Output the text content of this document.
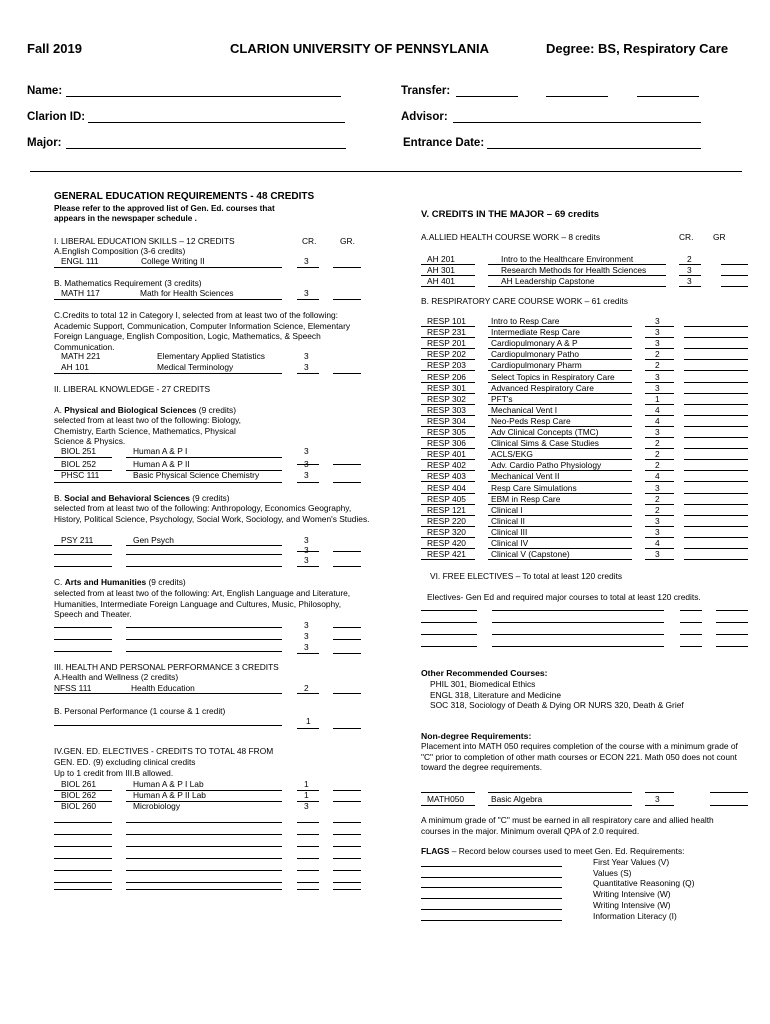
Fall 2019	CLARION UNIVERSITY OF PENNSYLANIA	Degree: BS, Respiratory Care
Name:
Clarion ID:
Major:
Transfer:
Advisor:
Entrance Date:
GENERAL EDUCATION REQUIREMENTS - 48 CREDITS
Please refer to the approved list of Gen. Ed. courses that
appears in the newspaper schedule .
I. LIBERAL EDUCATION SKILLS – 12 CREDITS	CR.	GR.
A.English Composition (3-6 credits)
ENGL 111	College Writing II	3
B. Mathematics Requirement (3 credits)
MATH 117	Math for Health Sciences	3
C.Credits to total 12 in Category I, selected from at least two of the following: Academic Support, Communication, Computer Information Science, Elementary Foreign Language, English Composition, Logic, Mathematics, & Speech Communication.
MATH 221	Elementary Applied Statistics	3
AH 101	Medical Terminology	3
II. LIBERAL KNOWLEDGE - 27 CREDITS
A. Physical and Biological Sciences (9 credits)
selected from at least two of the following: Biology, Chemistry, Earth Science, Mathematics, Physical Science & Physics.
BIOL 251	Human A & P I	3
BIOL 252	Human A & P II	3
PHSC 111	Basic Physical Science Chemistry	3
B. Social and Behavioral Sciences (9 credits)
selected from at least two of the following: Anthropology, Economics Geography, History, Political Science, Psychology, Social Work, Sociology, and Women's Studies.
PSY 211	Gen Psych	3
3
3
C. Arts and Humanities (9 credits)
selected from at least two of the following: Art, English Language and Literature, Humanities, Intermediate Foreign Language and Cultures, Music, Philosophy, Speech and Theater.
3
3
3
III. HEALTH AND PERSONAL PERFORMANCE 3 CREDITS
A.Health and Wellness (2 credits)
NFSS 111	Health Education	2
B. Personal Performance (1 course & 1 credit)
1
IV.GEN. ED. ELECTIVES - CREDITS TO TOTAL 48 FROM
GEN. ED. (9) excluding clinical credits
Up to 1 credit from III.B allowed.
BIOL 261	Human A & P I Lab	1
BIOL 262	Human A & P II Lab	1
BIOL 260	Microbiology	3
V. CREDITS IN THE MAJOR – 69 credits
A.ALLIED HEALTH COURSE WORK – 8 credits	CR. GR
AH 201	Intro to the Healthcare Environment	2
AH 301	Research Methods for Health Sciences	3
AH 401	AH Leadership Capstone	3
B. RESPIRATORY CARE COURSE WORK – 61 credits
RESP 101	Intro to Resp Care	3
RESP 231	Intermediate Resp Care	3
RESP 201	Cardiopulmonary A & P	3
RESP 202	Cardiopulmonary Patho	2
RESP 203	Cardiopulmonary Pharm	2
RESP 206	Select Topics in Respiratory Care	3
RESP 301	Advanced Respiratory Care	3
RESP 302	PFT's	1
RESP 303	Mechanical Vent I	4
RESP 304	Neo-Peds Resp Care	4
RESP 305	Adv Clinical Concepts (TMC)	3
RESP 306	Clinical Sims & Case Studies	2
RESP 401	ACLS/EKG	2
RESP 402	Adv. Cardio Patho Physiology	2
RESP 403	Mechanical Vent II	4
RESP 404	Resp Care Simulations	3
RESP 405	EBM in Resp Care	2
RESP 121	Clinical I	2
RESP 220	Clinical II	3
RESP 320	Clinical III	3
RESP 420	Clinical IV	4
RESP 421	Clinical V (Capstone)	3
VI. FREE ELECTIVES – To total at least 120 credits
Electives- Gen Ed and required major courses to total at least 120 credits.
Other Recommended Courses:
PHIL 301, Biomedical Ethics
ENGL 318, Literature and Medicine
SOC 318, Sociology of Death & Dying OR NURS 320, Death & Grief
Non-degree Requirements:
Placement into MATH 050 requires completion of the course with a minimum grade of "C" prior to completion of other math courses or ECON 221. Math 050 does not count toward the degree requirements.
MATH050	Basic Algebra	3
A minimum grade of "C" must be earned in all respiratory care and allied health courses in the major. Minimum overall QPA of 2.0 required.
FLAGS – Record below courses used to meet Gen. Ed. Requirements:
First Year Values (V)
Values (S)
Quantitative Reasoning (Q)
Writing Intensive (W)
Writing Intensive (W)
Information Literacy (I)
